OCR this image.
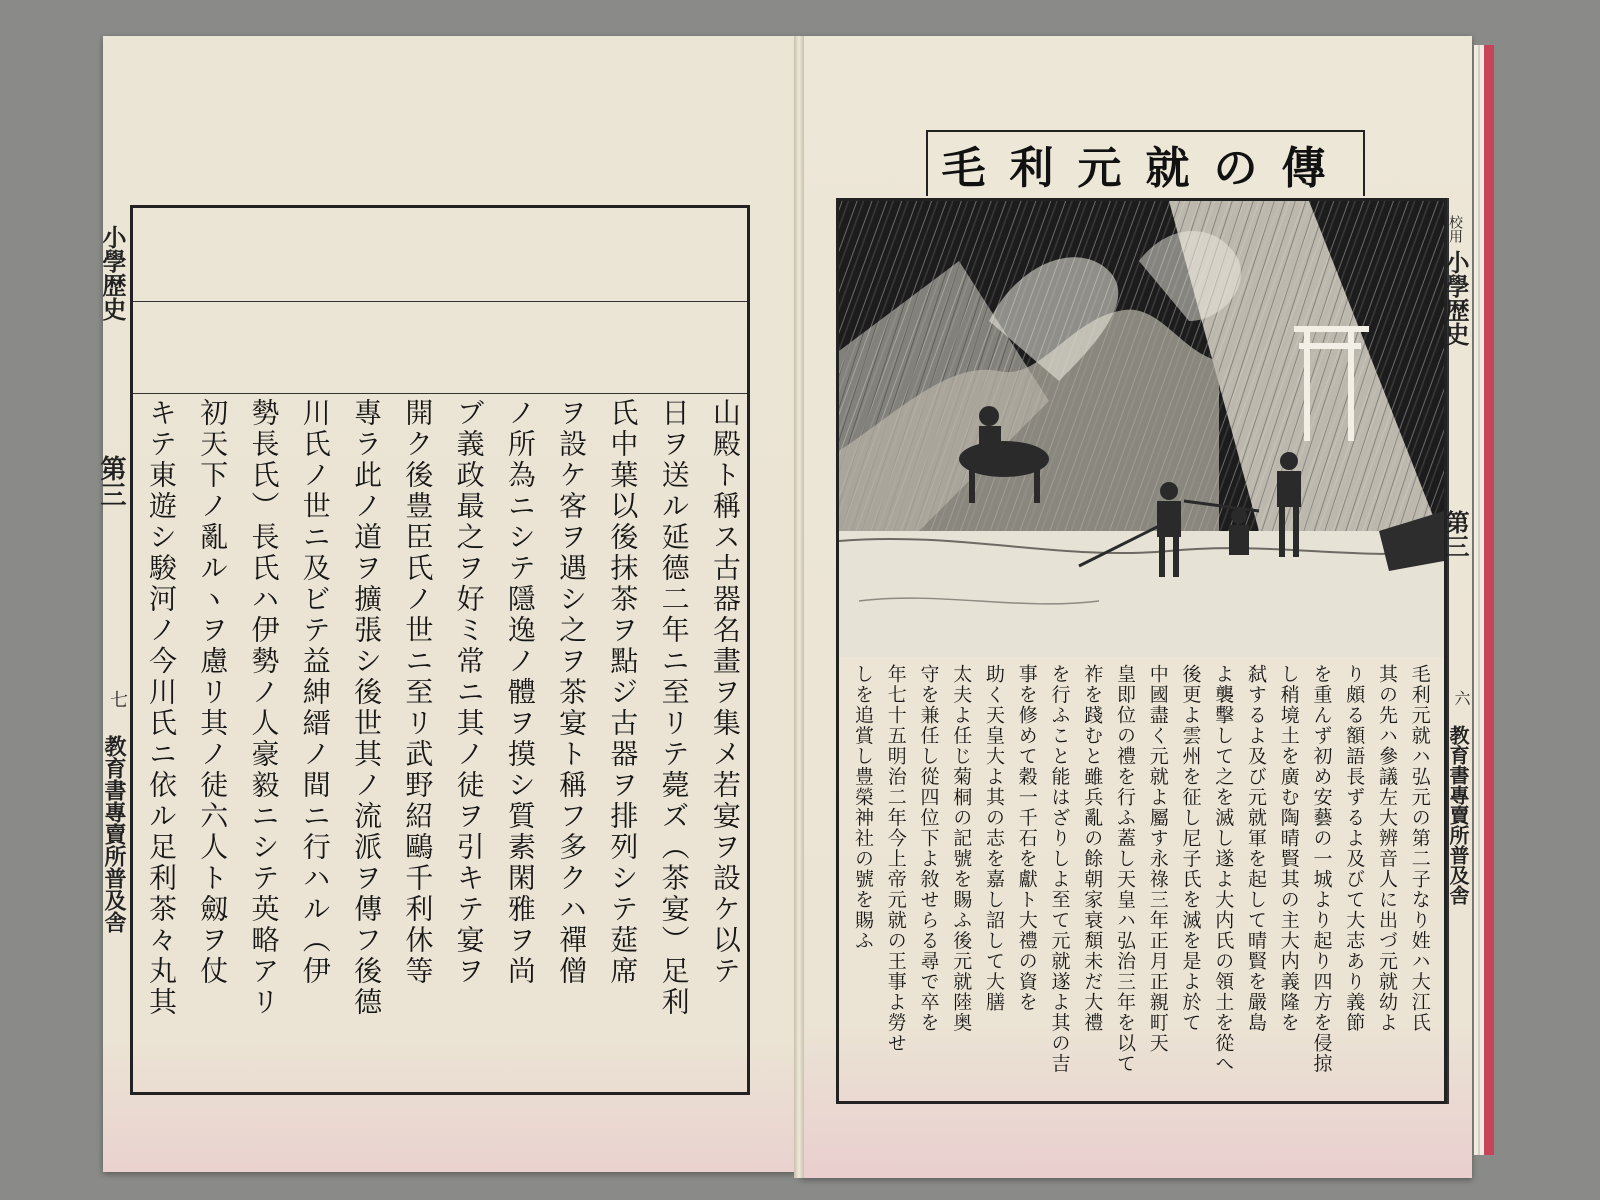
小學歴史
第三
七
教育書專賣所普及舎	山殿ト稱ス古器名畫ヲ集メ若宴ヲ設ケ以テ
日ヲ送ル延德二年ニ至リテ薨ズ（茶宴）足利
氏中葉以後抹茶ヲ點ジ古器ヲ排列シテ莚席
ヲ設ケ客ヲ遇シ之ヲ茶宴ト稱フ多クハ禪僧
ノ所為ニシテ隱逸ノ體ヲ摸シ質素閑雅ヲ尚
ブ義政最之ヲ好ミ常ニ其ノ徒ヲ引キテ宴ヲ
開ク後豊臣氏ノ世ニ至リ武野紹鷗千利休等
專ラ此ノ道ヲ擴張シ後世其ノ流派ヲ傳フ後德
川氏ノ世ニ及ビテ益紳縉ノ間ニ行ハル（伊
勢長氏）長氏ハ伊勢ノ人豪毅ニシテ英略アリ
初天下ノ亂ルヽヲ慮リ其ノ徒六人ト劔ヲ仗
キテ東遊シ駿河ノ今川氏ニ依ル足利茶々丸其
毛利元就の傳
毛利元就ハ弘元の第二子なり姓ハ大江氏
其の先ハ參議左大辨音人に出づ元就幼よ
り頗る額語長ずるよ及びて大志あり義節
を重んず初め安藝の一城より起り四方を侵掠
し稍境土を廣む陶晴賢其の主大内義隆を
弑するよ及び元就軍を起して晴賢を嚴島
よ襲擊して之を滅し遂よ大内氏の領土を從へ
後更よ雲州を征し尼子氏を滅を是よ於て
中國盡く元就よ屬す永祿三年正月正親町天
皇即位の禮を行ふ蓋し天皇ハ弘治三年を以て
祚を踐むと雖兵亂の餘朝家衰頽未だ大禮
を行ふこと能はざりしよ至て元就遂よ其の吉
事を修めて穀一千石を獻ト大禮の資を
助く天皇大よ其の志を嘉し詔して大膳
太夫よ任じ菊桐の記號を賜ふ後元就陸奥
守を兼任し從四位下よ敘せらる尋で卒を
年七十五明治二年今上帝元就の王事よ勞せ
しを追賞し豊榮神社の號を賜ふ
校用
小學歴史
第三
六
教育書專賣所普及舎
